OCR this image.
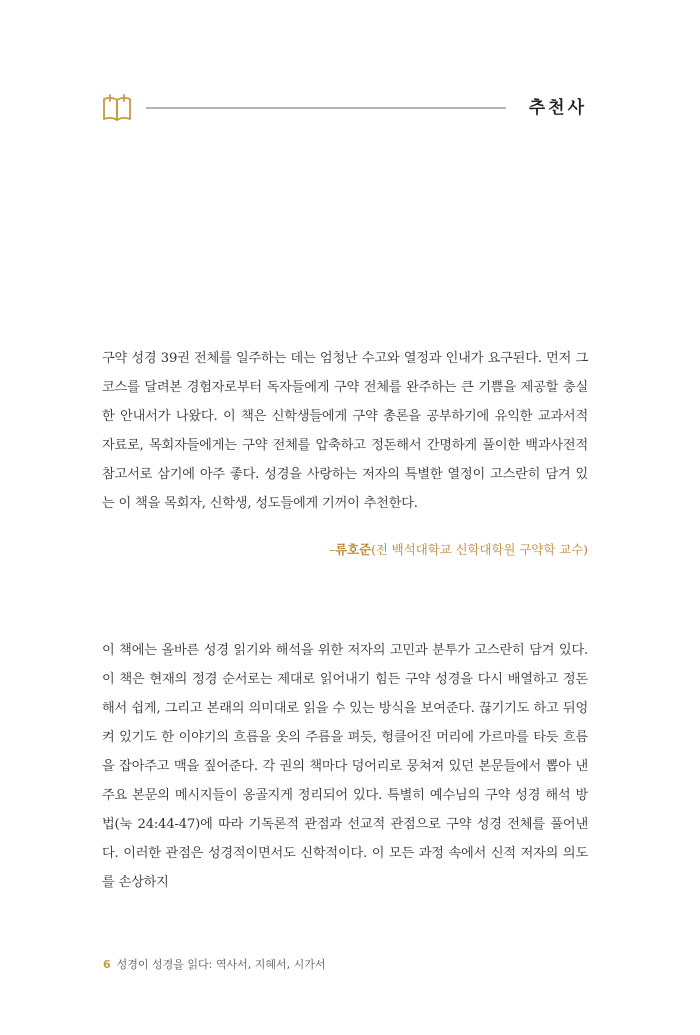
추천사

구약 성경 39권 전체를 일주하는 데는 엄청난 수고와 열정과 인내가 요구된다. 먼저 그 코스를 달려본 경험자로부터 독자들에게 구약 전체를 완주하는 큰 기쁨을 제공할 충실한 안내서가 나왔다. 이 책은 신학생들에게 구약 총론을 공부하기에 유익한 교과서적 자료로, 목회자들에게는 구약 전체를 압축하고 정돈해서 간명하게 풀이한 백과사전적 참고서로 삼기에 아주 좋다. 성경을 사랑하는 저자의 특별한 열정이 고스란히 담겨 있는 이 책을 목회자, 신학생, 성도들에게 기꺼이 추천한다.

–류호준(전 백석대학교 신학대학원 구약학 교수)

이 책에는 올바른 성경 읽기와 해석을 위한 저자의 고민과 분투가 고스란히 담겨 있다. 이 책은 현재의 정경 순서로는 제대로 읽어내기 힘든 구약 성경을 다시 배열하고 정돈해서 쉽게, 그리고 본래의 의미대로 읽을 수 있는 방식을 보여준다. 끊기기도 하고 뒤엉켜 있기도 한 이야기의 흐름을 옷의 주름을 펴듯, 헝클어진 머리에 가르마를 타듯 흐름을 잡아주고 맥을 짚어준다. 각 권의 책마다 덩어리로 뭉쳐져 있던 본문들에서 뽑아 낸 주요 본문의 메시지들이 옹골지게 정리되어 있다. 특별히 예수님의 구약 성경 해석 방법(눅 24:44-47)에 따라 기독론적 관점과 선교적 관점으로 구약 성경 전체를 풀어낸다. 이러한 관점은 성경적이면서도 신학적이다. 이 모든 과정 속에서 신적 저자의 의도를 손상하지

6 성경이 성경을 읽다: 역사서, 지혜서, 시가서
